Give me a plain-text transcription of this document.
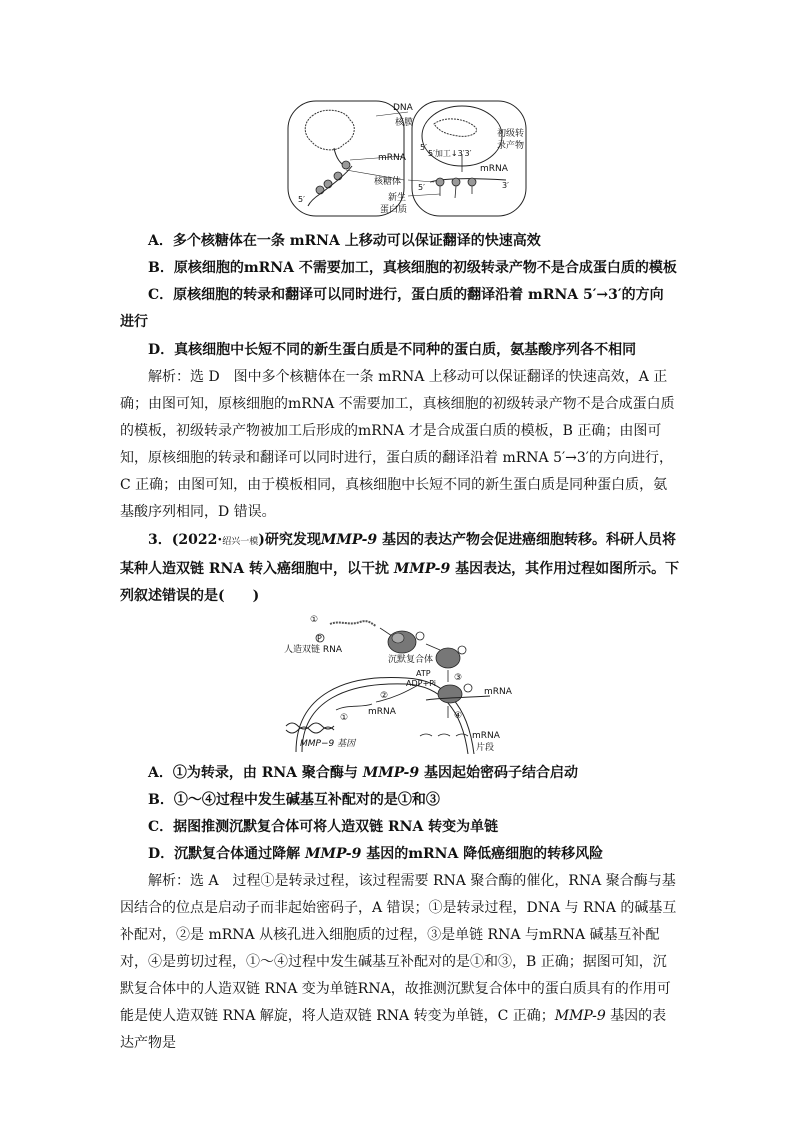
5′
DNA
核膜
初级转
录产物
5′
5′加工↓3′3′
mRNA
mRNA
核糖体
5′	3′
新生
蛋白质
A．多个核糖体在一条 mRNA 上移动可以保证翻译的快速高效
B．原核细胞的mRNA 不需要加工，真核细胞的初级转录产物不是合成蛋白质的模板
C．原核细胞的转录和翻译可以同时进行，蛋白质的翻译沿着 mRNA 5′→3′的方向
进行
D．真核细胞中长短不同的新生蛋白质是不同种的蛋白质，氨基酸序列各不相同
解析：选 D　图中多个核糖体在一条 mRNA 上移动可以保证翻译的快速高效，A 正确；由图可知，原核细胞的mRNA 不需要加工，真核细胞的初级转录产物不是合成蛋白质的模板，初级转录产物被加工后形成的mRNA 才是合成蛋白质的模板，B 正确；由图可知，原核细胞的转录和翻译可以同时进行，蛋白质的翻译沿着 mRNA 5′→3′的方向进行，C 正确；由图可知，由于模板相同，真核细胞中长短不同的新生蛋白质是同种蛋白质，氨基酸序列相同，D 错误。
3．(2022·绍兴一模)研究发现MMP-9 基因的表达产物会促进癌细胞转移。科研人员将某种人造双链 RNA 转入癌细胞中，以干扰 MMP-9 基因表达，其作用过程如图所示。下列叙述错误的是(　　)
P
①
人造双链 RNA
沉默复合体
ATP
ADP+Pi
③
mRNA
②
mRNA
①	④
MMP−9 基因
mRNA
片段
A．①为转录，由 RNA 聚合酶与 MMP-9 基因起始密码子结合启动
B．①～④过程中发生碱基互补配对的是①和③
C．据图推测沉默复合体可将人造双链 RNA 转变为单链
D．沉默复合体通过降解 MMP-9 基因的mRNA 降低癌细胞的转移风险
解析：选 A　过程①是转录过程，该过程需要 RNA 聚合酶的催化，RNA 聚合酶与基因结合的位点是启动子而非起始密码子，A 错误；①是转录过程，DNA 与 RNA 的碱基互补配对，②是 mRNA 从核孔进入细胞质的过程，③是单链 RNA 与mRNA 碱基互补配对，④是剪切过程，①～④过程中发生碱基互补配对的是①和③，B 正确；据图可知，沉默复合体中的人造双链 RNA 变为单链RNA，故推测沉默复合体中的蛋白质具有的作用可能是使人造双链 RNA 解旋，将人造双链 RNA 转变为单链，C 正确；MMP-9 基因的表达产物是
